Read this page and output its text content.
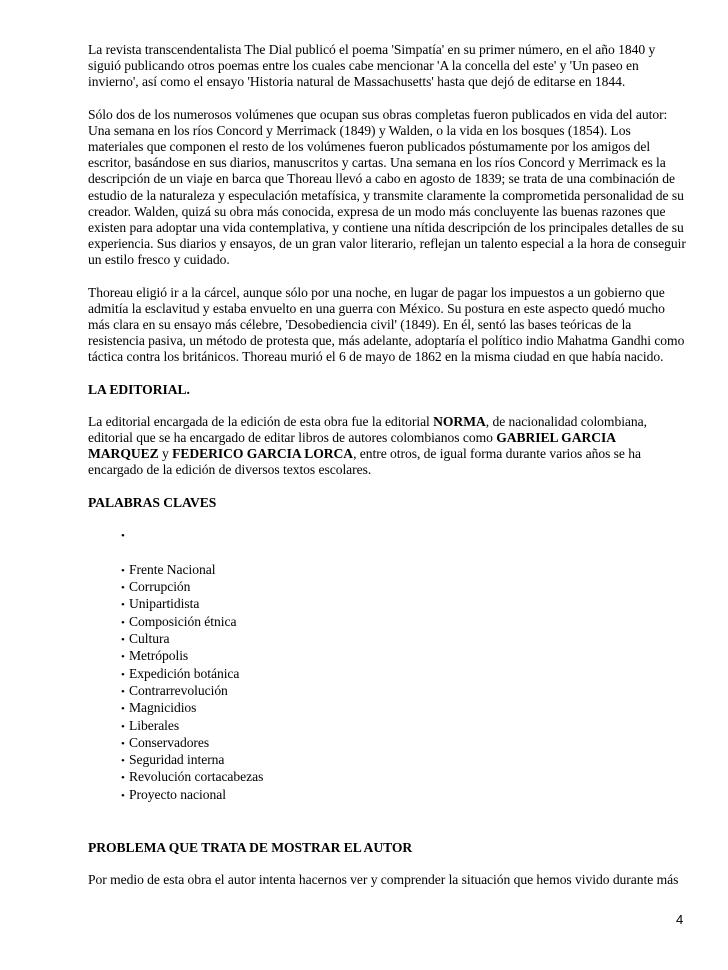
La revista transcendentalista The Dial publicó el poema 'Simpatía' en su primer número, en el año 1840 y siguió publicando otros poemas entre los cuales cabe mencionar 'A la concella del este' y 'Un paseo en invierno', así como el ensayo 'Historia natural de Massachusetts' hasta que dejó de editarse en 1844.

Sólo dos de los numerosos volúmenes que ocupan sus obras completas fueron publicados en vida del autor: Una semana en los ríos Concord y Merrimack (1849) y Walden, o la vida en los bosques (1854). Los materiales que componen el resto de los volúmenes fueron publicados póstumamente por los amigos del escritor, basándose en sus diarios, manuscritos y cartas. Una semana en los ríos Concord y Merrimack es la descripción de un viaje en barca que Thoreau llevó a cabo en agosto de 1839; se trata de una combinación de estudio de la naturaleza y especulación metafísica, y transmite claramente la comprometida personalidad de su creador. Walden, quizá su obra más conocida, expresa de un modo más concluyente las buenas razones que existen para adoptar una vida contemplativa, y contiene una nítida descripción de los principales detalles de su experiencia. Sus diarios y ensayos, de un gran valor literario, reflejan un talento especial a la hora de conseguir un estilo fresco y cuidado.

Thoreau eligió ir a la cárcel, aunque sólo por una noche, en lugar de pagar los impuestos a un gobierno que admitía la esclavitud y estaba envuelto en una guerra con México. Su postura en este aspecto quedó mucho más clara en su ensayo más célebre, 'Desobediencia civil' (1849). En él, sentó las bases teóricas de la resistencia pasiva, un método de protesta que, más adelante, adoptaría el político indio Mahatma Gandhi como táctica contra los británicos. Thoreau murió el 6 de mayo de 1862 en la misma ciudad en que había nacido.

LA EDITORIAL.

La editorial encargada de la edición de esta obra fue la editorial NORMA, de nacionalidad colombiana, editorial que se ha encargado de editar libros de autores colombianos como GABRIEL GARCIA MARQUEZ y FEDERICO GARCIA LORCA, entre otros, de igual forma durante varios años se ha encargado de la edición de diversos textos escolares.

PALABRAS CLAVES

•
• Frente Nacional
• Corrupción
• Unipartidista
• Composición étnica
• Cultura
• Metrópolis
• Expedición botánica
• Contrarrevolución
• Magnicidios
• Liberales
• Conservadores
• Seguridad interna
• Revolución cortacabezas
• Proyecto nacional

PROBLEMA QUE TRATA DE MOSTRAR EL AUTOR

Por medio de esta obra el autor intenta hacernos ver y comprender la situación que hemos vivido durante más

4
